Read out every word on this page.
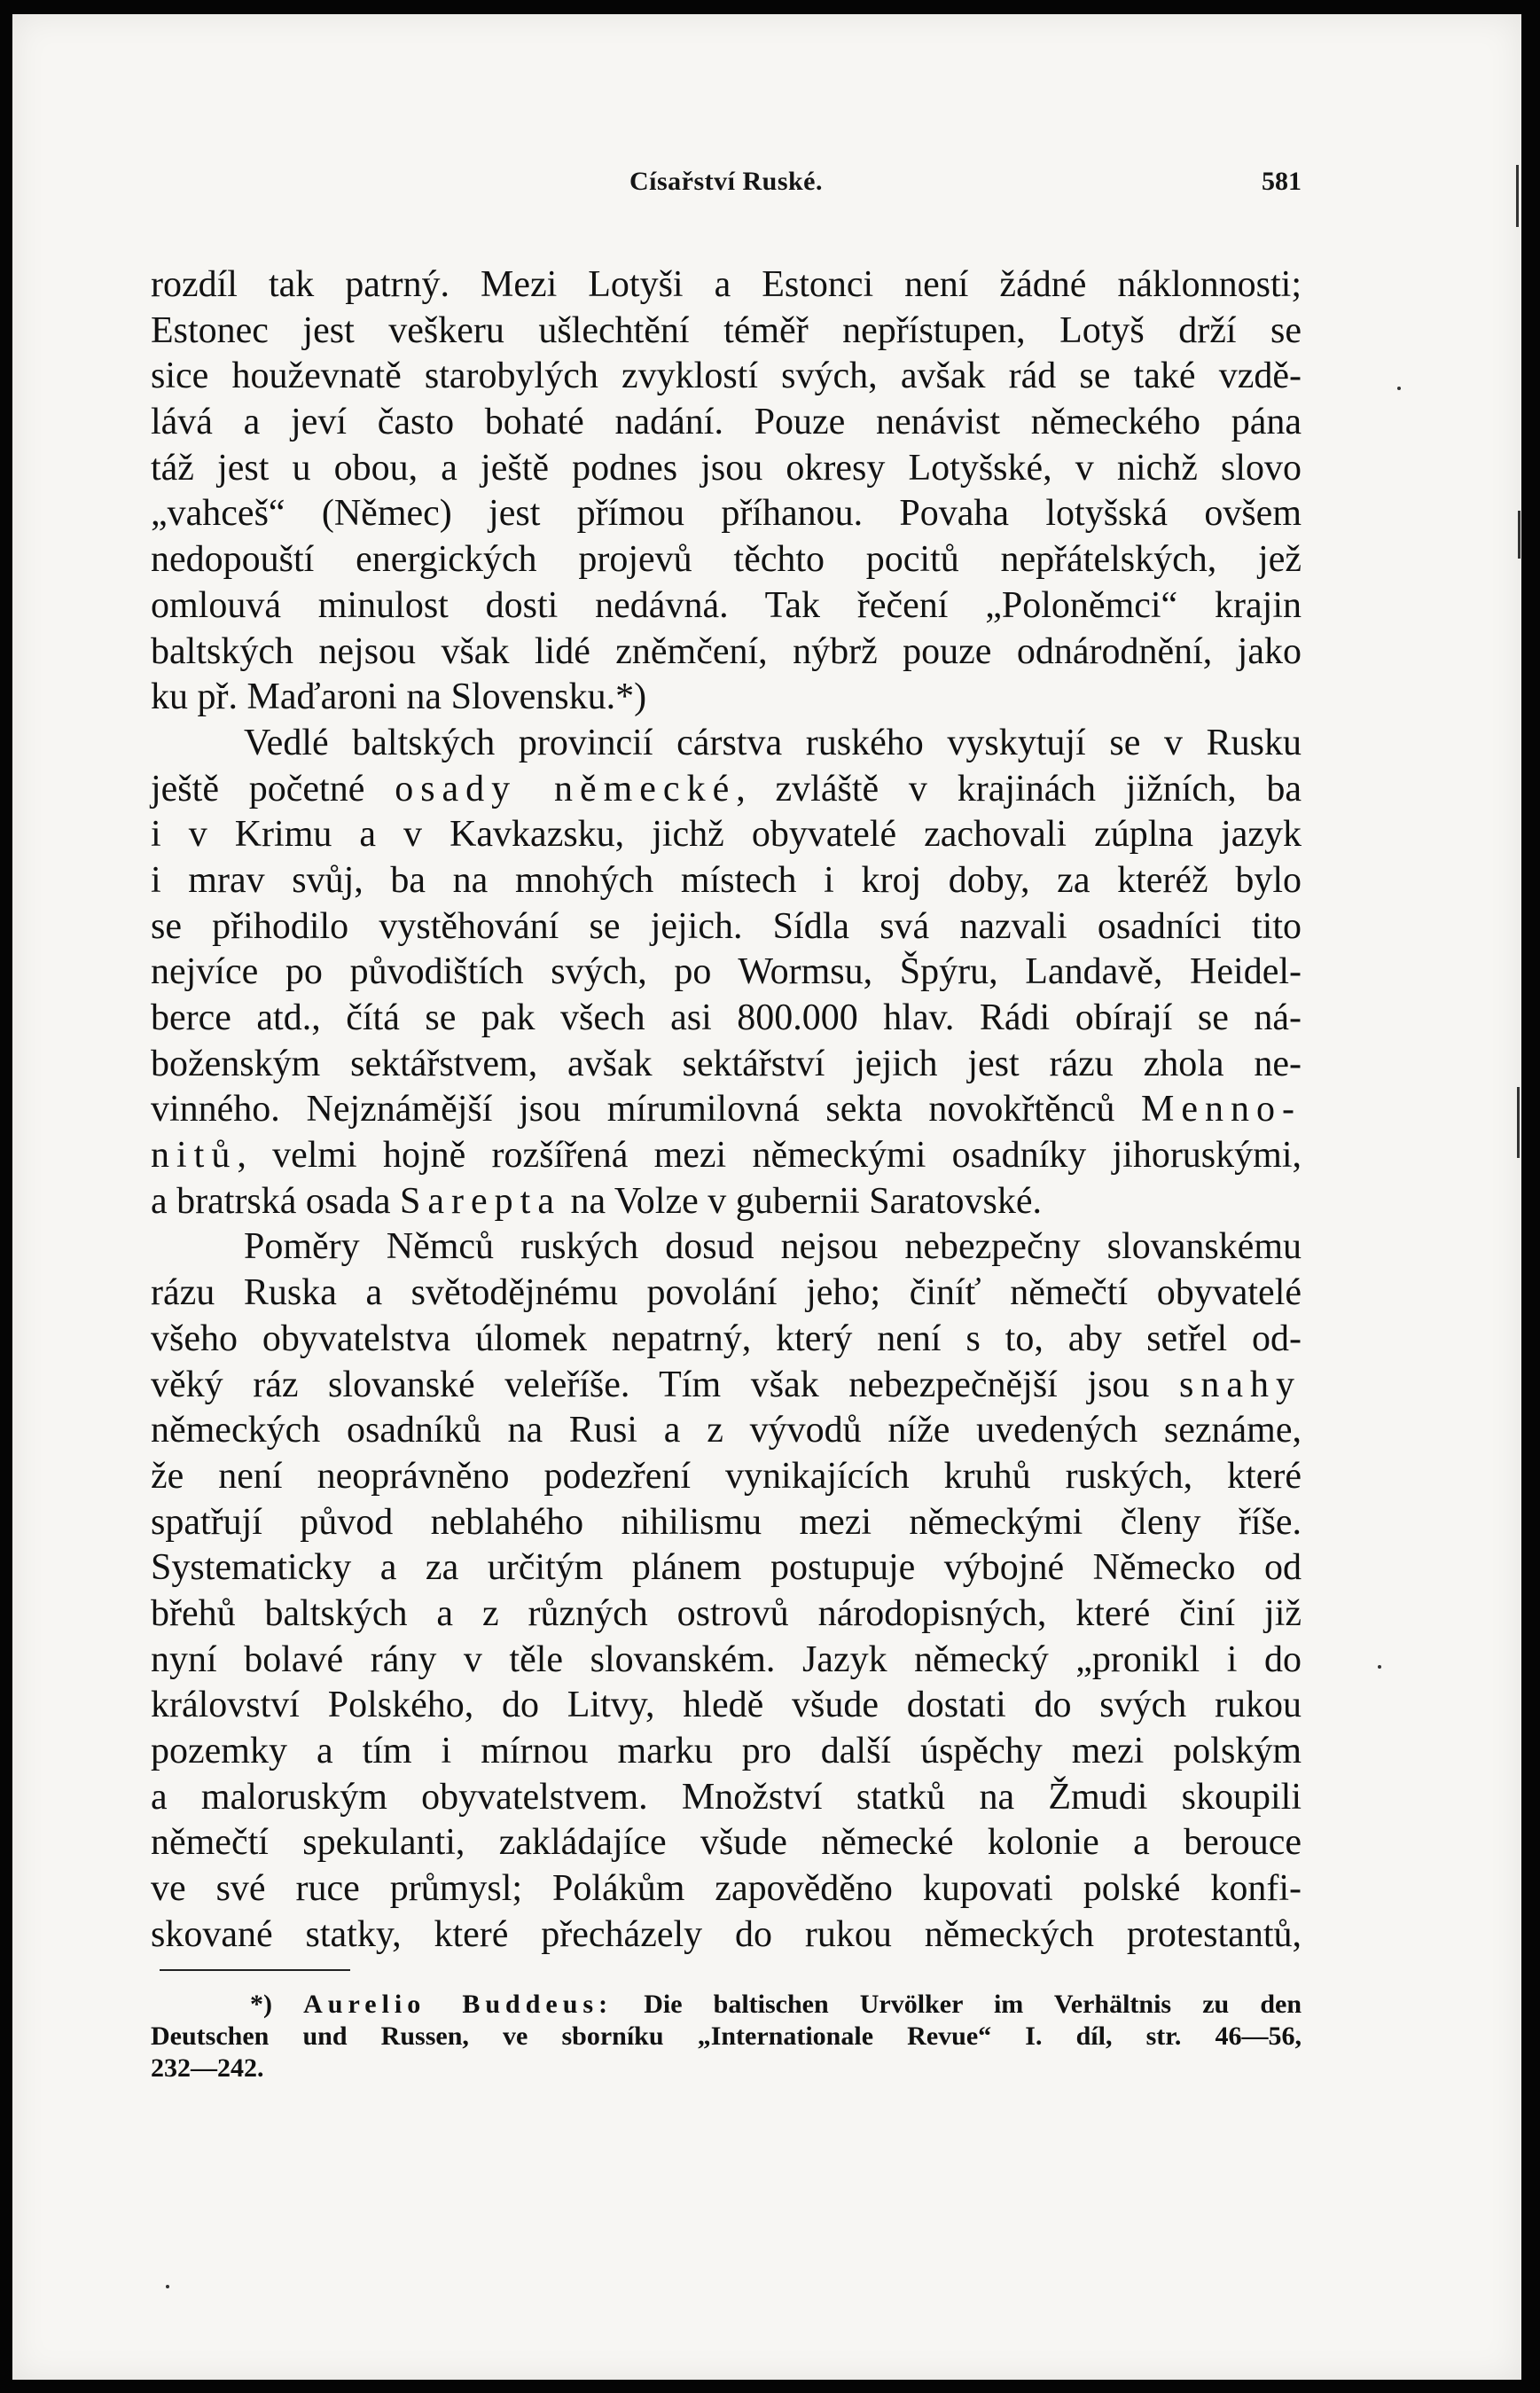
Císařství Ruské.	581
rozdíl tak patrný. Mezi Lotyši a Estonci není žádné náklonnosti;
Estonec jest veškeru ušlechtění téměř nepřístupen, Lotyš drží se
sice houževnatě starobylých zvyklostí svých, avšak rád se také vzdě-
lává a jeví často bohaté nadání. Pouze nenávist německého pána
táž jest u obou, a ještě podnes jsou okresy Lotyšské, v nichž slovo
„vahceš“ (Němec) jest přímou příhanou. Povaha lotyšská ovšem
nedopouští energických projevů těchto pocitů nepřátelských, jež
omlouvá minulost dosti nedávná. Tak řečení „Poloněmci“ krajin
baltských nejsou však lidé zněmčení, nýbrž pouze odnárodnění, jako
ku př. Maďaroni na Slovensku.*)
Vedlé baltských provincií cárstva ruského vyskytují se v Rusku
ještě početné osady německé, zvláště v krajinách jižních, ba
i v Krimu a v Kavkazsku, jichž obyvatelé zachovali zúplna jazyk
i mrav svůj, ba na mnohých místech i kroj doby, za kteréž bylo
se přihodilo vystěhování se jejich. Sídla svá nazvali osadníci tito
nejvíce po původištích svých, po Wormsu, Špýru, Landavě, Heidel-
berce atd., čítá se pak všech asi 800.000 hlav. Rádi obírají se ná-
boženským sektářstvem, avšak sektářství jejich jest rázu zhola ne-
vinného. Nejznámější jsou mírumilovná sekta novokřtěnců Menno-
nitů, velmi hojně rozšířená mezi německými osadníky jihoruskými,
a bratrská osada Sarepta na Volze v gubernii Saratovské.
Poměry Němců ruských dosud nejsou nebezpečny slovanskému
rázu Ruska a světodějnému povolání jeho; činíť němečtí obyvatelé
všeho obyvatelstva úlomek nepatrný, který není s to, aby setřel od-
věký ráz slovanské veleříše. Tím však nebezpečnější jsou snahy
německých osadníků na Rusi a z vývodů níže uvedených seznáme,
že není neoprávněno podezření vynikajících kruhů ruských, které
spatřují původ neblahého nihilismu mezi německými členy říše.
Systematicky a za určitým plánem postupuje výbojné Německo od
břehů baltských a z různých ostrovů národopisných, které činí již
nyní bolavé rány v těle slovanském. Jazyk německý „pronikl i do
království Polského, do Litvy, hledě všude dostati do svých rukou
pozemky a tím i mírnou marku pro další úspěchy mezi polským
a maloruským obyvatelstvem. Množství statků na Žmudi skoupili
němečtí spekulanti, zakládajíce všude německé kolonie a berouce
ve své ruce průmysl; Polákům zapověděno kupovati polské konfi-
skované statky, které přecházely do rukou německých protestantů,
*) Aurelio Buddeus: Die baltischen Urvölker im Verhältnis zu den
Deutschen und Russen, ve sborníku „Internationale Revue“ I. díl, str. 46—56,
232—242.
